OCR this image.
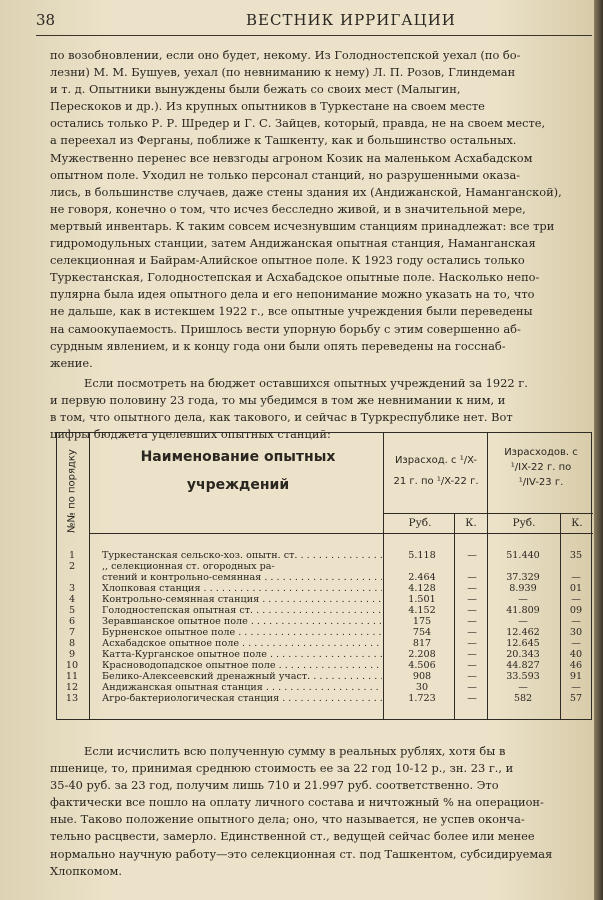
38	ВЕСТНИК ИРРИГАЦИИ
по возобновлении, если оно будет, некому. Из Голодностепской уехал (по бо-
лезни) М. М. Бушуев, уехал (по невниманию к нему) Л. П. Розов, Глиндеман
и т. д. Опытники вынуждены были бежать со своих мест (Малыгин,
Перескоков и др.). Из крупных опытников в Туркестане на своем месте
остались только Р. Р. Шредер и Г. С. Зайцев, который, правда, не на своем месте,
а переехал из Ферганы, поближе к Ташкенту, как и большинство остальных.
Мужественно перенес все невзгоды агроном Козик на маленьком Асхабадском
опытном поле. Уходил не только персонал станций, но разрушенными оказа-
лись, в большинстве случаев, даже стены здания их (Андижанской, Наманганской),
не говоря, конечно о том, что исчез бесследно живой, и в значительной мере,
мертвый инвентарь. К таким совсем исчезнувшим станциям принадлежат: все три
гидромодульных станции, затем Андижанская опытная станция, Наманганская
селекционная и Байрам-Алийское опытное поле. К 1923 году остались только
Туркестанская, Голодностепская и Асхабадское опытные поле. Насколько непо-
пулярна была идея опытного дела и его непонимание можно указать на то, что
не дальше, как в истекшем 1922 г., все опытные учреждения были переведены
на самоокупаемость. Пришлось вести упорную борьбу с этим совершенно аб-
сурдным явлением, и к концу года они были опять переведены на госснаб-
жение.
Если посмотреть на бюджет оставшихся опытных учреждений за 1922 г.
и первую половину 23 года, то мы убедимся в том же невнимании к ним, и
в том, что опытного дела, как такового, и сейчас в Туркреспублике нет. Вот
цифры бюджета уцелевших опытных станций:
№№ по порядку	Наименование опытных
учреждений
Израсход. с ¹/X-
21 г. по ¹/X-22 г.
Израсходов. с
¹/IX-22 г. по
¹/IV-23 г.
Руб.	К.	Руб.	К.
1	Туркестанская сельско-хоз. опытн. ст. . . .	5.118	—	51.440	35
2	,, селекционная ст. огородных ра-
стений и контрольно-семянная . . .	2.464	—	37.329	—
3	Хлопковая станция . . .	4.128	—	8.939	01
4	Контрольно-семянная станция . . .	1.501	—	—	—
5	Голодностепская опытная ст. . . .	4.152	—	41.809	09
6	Зеравшанское опытное поле . . .	175	—	—	—
7	Бурненское опытное поле . . .	754	—	12.462	30
8	Асхабадское опытное поле . . .	817	—	12.645	—
9	Катта-Курганское опытное поле . . .	2.208	—	20.343	40
10	Красноводопадское опытное поле . . .	4.506	—	44.827	46
11	Белико-Алексеевский дренажный участ. . . .	908	—	33.593	91
12	Андижанская опытная станция . . .	30	—	—	—
13	Агро-бактериологическая станция . . .	1.723	—	582	57
Если исчислить всю полученную сумму в реальных рублях, хотя бы в
пшенице, то, принимая среднюю стоимость ее за 22 год 10-12 р., зн. 23 г., и
35-40 руб. за 23 год, получим лишь 710 и 21.997 руб. соответственно. Это
фактически все пошло на оплату личного состава и ничтожный % на операцион-
ные. Таково положение опытного дела; оно, что называется, не успев оконча-
тельно расцвести, замерло. Единственной ст., ведущей сейчас более или менее
нормально научную работу—это селекционная ст. под Ташкентом, субсидируемая
Хлопкомом.
